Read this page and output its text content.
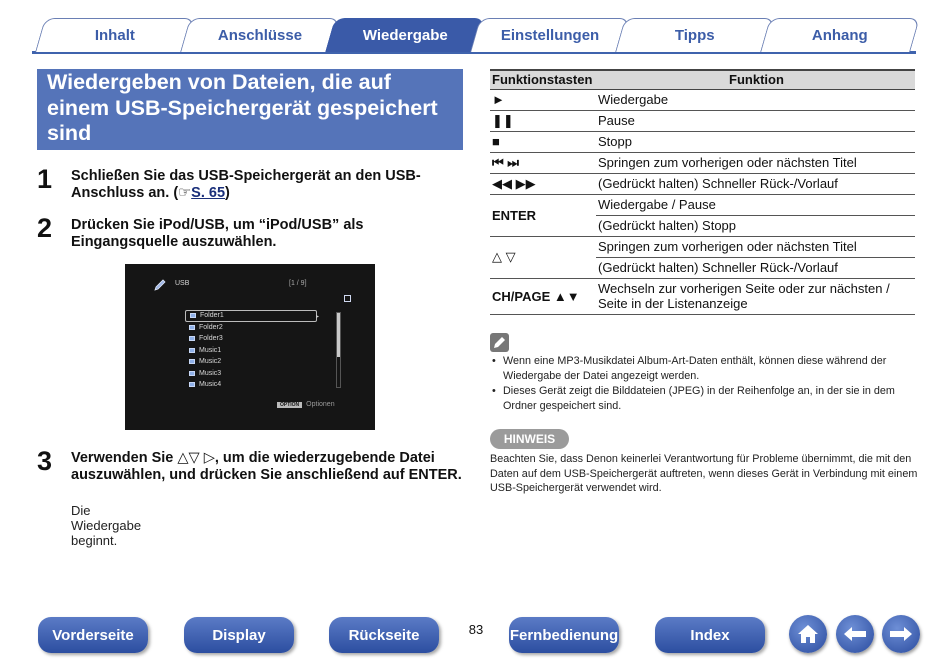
Inhalt	Anschlüsse	Wiedergabe	Einstellungen	Tipps	Anhang
Wiedergeben von Dateien, die auf einem USB-Speichergerät gespeichert sind
1 Schließen Sie das USB-Speichergerät an den USB-Anschluss an. (☞S. 65)
2 Drücken Sie iPod/USB, um “iPod/USB” als Eingangsquelle auszuwählen.
USB	[1 / 9]
Folder1
Folder2
Folder3
Music1
Music2
Music3
Music4
▸
OPTION	Optionen
3 Verwenden Sie △▽ ▷, um die wiederzugebende Datei auszuwählen, und drücken Sie anschließend auf ENTER.
Die Wiedergabe beginnt.
Funktionstasten	Funktion
►	Wiedergabe
❚❚	Pause
■	Stopp
⏮ ⏭	Springen zum vorherigen oder nächsten Titel
◀◀ ▶▶	(Gedrückt halten) Schneller Rück-/Vorlauf
ENTER	Wiedergabe / Pause
	(Gedrückt halten) Stopp
△ ▽	Springen zum vorherigen oder nächsten Titel
	(Gedrückt halten) Schneller Rück-/Vorlauf
CH/PAGE ▲▼	Wechseln zur vorherigen Seite oder zur nächsten / Seite in der Listenanzeige
• Wenn eine MP3-Musikdatei Album-Art-Daten enthält, können diese während der Wiedergabe der Datei angezeigt werden.
• Dieses Gerät zeigt die Bilddateien (JPEG) in der Reihenfolge an, in der sie in dem Ordner gespeichert sind.
HINWEIS
Beachten Sie, dass Denon keinerlei Verantwortung für Probleme übernimmt, die mit den Daten auf dem USB-Speichergerät auftreten, wenn dieses Gerät in Verbindung mit einem USB-Speichergerät verwendet wird.
Vorderseite	Display	Rückseite	83	Fernbedienung	Index
